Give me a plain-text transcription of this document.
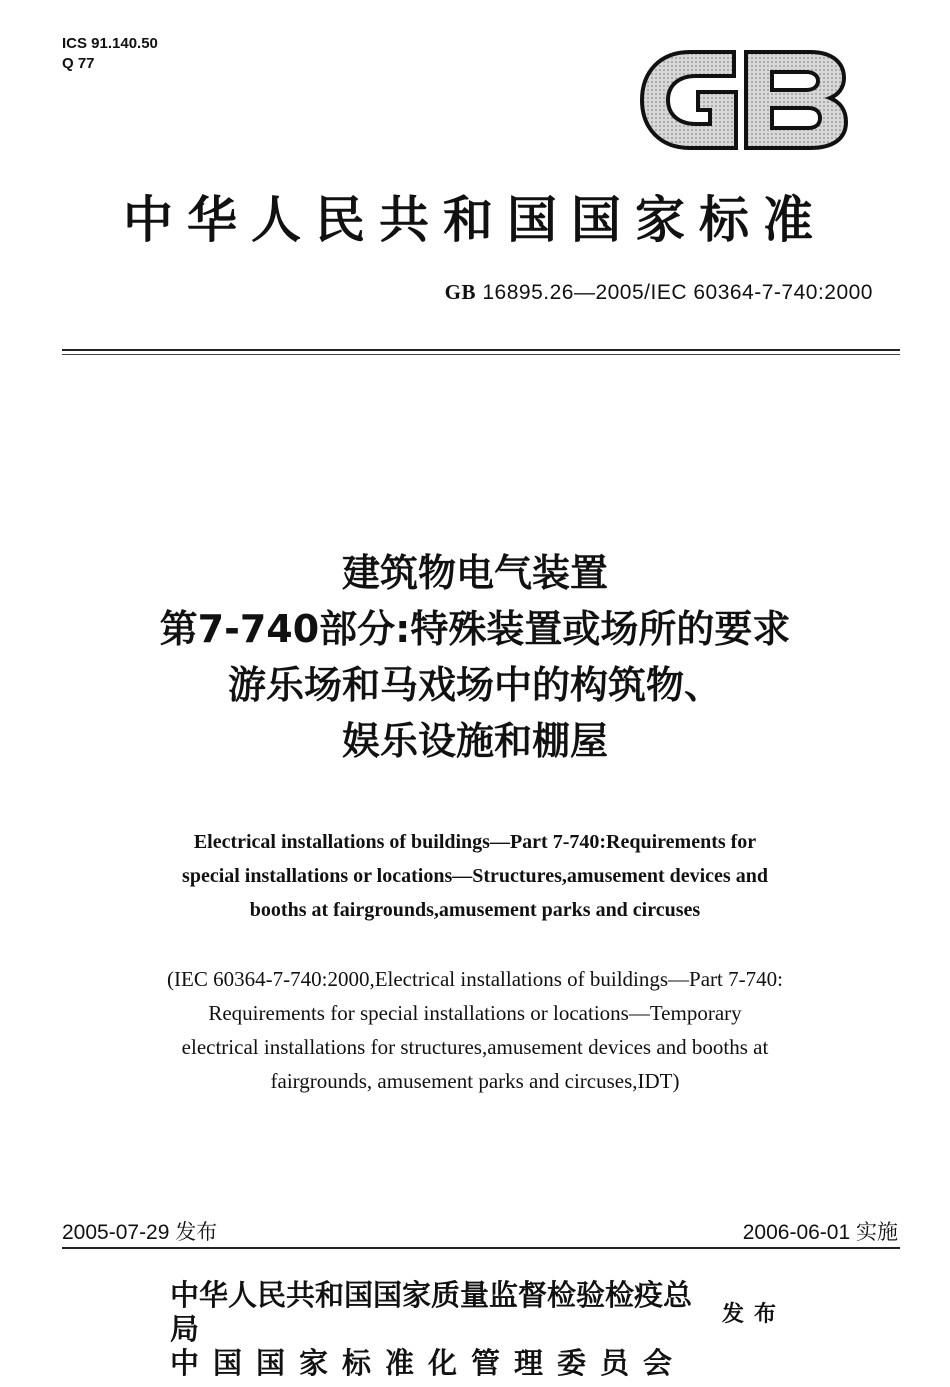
ICS 91.140.50
Q 77
中华人民共和国国家标准
GB 16895.26—2005/IEC 60364-7-740:2000
建筑物电气装置
第7-740部分:特殊装置或场所的要求
游乐场和马戏场中的构筑物、
娱乐设施和棚屋
Electrical installations of buildings—Part 7-740:Requirements for
special installations or locations—Structures,amusement devices and
booths at fairgrounds,amusement parks and circuses
(IEC 60364-7-740:2000,Electrical installations of buildings—Part 7-740:
Requirements for special installations or locations—Temporary
electrical installations for structures,amusement devices and booths at
fairgrounds, amusement parks and circuses,IDT)
2005-07-29 发布	2006-06-01 实施
中华人民共和国国家质量监督检验检疫总局
中国国家标准化管理委员会
发布
